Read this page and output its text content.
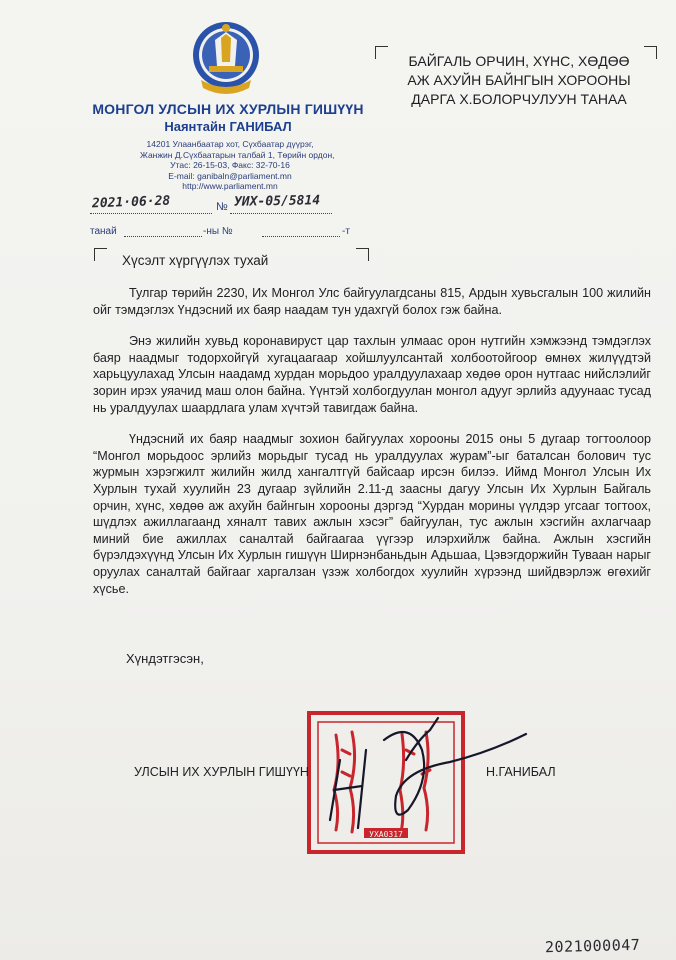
МОНГОЛ УЛСЫН ИХ ХУРЛЫН ГИШҮҮН
Наянтайн ГАНИБАЛ
14201 Улаанбаатар хот, Сүхбаатар дүүрэг,
Жанжин Д.Сүхбаатарын талбай 1, Төрийн ордон,
Утас: 26-15-03, Факс: 32-70-16
E-mail: ganibaln@parliament.mn
http://www.parliament.mn
БАЙГАЛЬ ОРЧИН, ХҮНС, ХӨДӨӨ
АЖ АХУЙН БАЙНГЫН ХОРООНЫ
ДАРГА Х.БОЛОРЧУЛУУН ТАНАА
2021·06·28	№ УИХ-05/5814
танай	-ны №	-т
Хүсэлт хүргүүлэх тухай

Тулгар төрийн 2230, Их Монгол Улс байгуулагдсаны 815, Ардын хувьсгалын 100 жилийн ойг тэмдэглэх Үндэсний их баяр наадам тун удахгүй болох гэж байна.

Энэ жилийн хувьд коронавируст цар тахлын улмаас орон нутгийн хэмжээнд тэмдэглэх баяр наадмыг тодорхойгүй хугацаагаар хойшлуулсантай холбоотойгоор өмнөх жилүүдтэй харьцуулахад Улсын наадамд хурдан морьдоо уралдуулахаар хөдөө орон нутгаас нийслэлийг зорин ирэх уяачид маш олон байна. Үүнтэй холбогдуулан монгол адууг эрлийз адуунаас тусад нь уралдуулах шаардлага улам хүчтэй тавигдаж байна.

Үндэсний их баяр наадмыг зохион байгуулах хорооны 2015 оны 5 дугаар тогтоолоор “Монгол морьдоос эрлийз морьдыг тусад нь уралдуулах журам”-ыг баталсан болович тус журмын хэрэгжилт жилийн жилд хангалтгүй байсаар ирсэн билээ. Иймд Монгол Улсын Их Хурлын тухай хуулийн 23 дугаар зүйлийн 2.11-д заасны дагуу Улсын Их Хурлын Байгаль орчин, хүнс, хөдөө аж ахуйн байнгын хорооны дэргэд “Хурдан морины үүлдэр угсааг тогтоох, шүдлэх ажиллагаанд хяналт тавих ажлын хэсэг” байгуулан, тус ажлын хэсгийн ахлагчаар миний бие ажиллах саналтай байгаагаа үүгээр илэрхийлж байна. Ажлын хэсгийн бүрэлдэхүүнд Улсын Их Хурлын гишүүн Ширнэнбаньдын Адьшаа, Цэвэгдоржийн Туваан нарыг оруулах саналтай байгааг харгалзан үзэж холбогдох хуулийн хүрээнд шийдвэрлэж өгөхийг хүсье.

Хүндэтгэсэн,
УХА0317
УЛСЫН ИХ ХУРЛЫН ГИШҮҮН	Н.ГАНИБАЛ
2021000047
